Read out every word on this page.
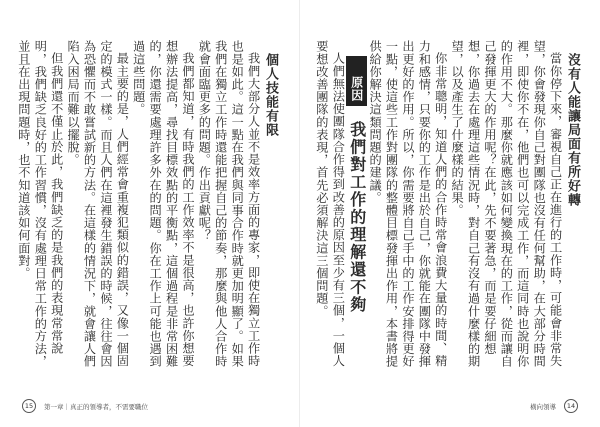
個人技能有限

我們大部分人並不是效率方面的專家，即使在獨立工作時也是如此。這一點在我們與同事合作時就更加明顯了。如果我們在獨立工作時還能把握自己的節奏，那麼與他人合作時就會面臨更多的問題。作出貢獻呢？

我們都知道，有時我們的工作效率不是很高，也許你想要想辦法提高，尋找目標效點的平衡點，這個過程是非常困難的，你還需要處理許多外在的問題。你在工作上可能也遇到過這些問題。

最主要的是，人們經常會重複犯類似的錯誤，又像一個固定的模式一樣。而且人們在這裡發生錯誤的時候，往往會因為恐懼而不敢嘗試新的方法。在這樣的情況下，就會讓人們陷入困局而難以擺脫。

但我們還不僅止於此，我們缺乏的是我們的表現常常說明，我們缺乏良好的工作習慣，沒有處理日常工作的方法，並且在出現問題時，也不知道該如何面對。

15	第一章｜真正的領導者，不需要職位

沒有人能讓局面有所好轉

當你停下來，審視自己正在進行的工作時，可能會非常失望，你會發現你自己對團隊也沒有任何幫助，在大部分時間裡，即使你不在，他們也可以完成工作，而這同時也說明你的作用不大。那麼你就應該如何變換現在的工作，從而讓自己發揮更大的作用呢？在此，先不要著急，而是要仔細想想，你過去在處理這些情況時，對自己有沒有過什麼樣的期望，以及產生了什麼樣的結果。

你非常聰明，知道人們的合作時常會浪費大量的時間、精力和感情，只要你的工作是出於自己，你就能在團隊中發揮出更好的作用。所以，你需要將自己手中的工作安排得更好一點，使這些工作對團隊的整體目標發揮出作用，本書將提供給你解決這類問題的建議。

原因 我們對工作的理解還不夠

人們無法使團隊合作得到改善的原因至少有三個，一個人要想改善團隊的表現，首先必須解決這三個問題。

橫向領導	14
